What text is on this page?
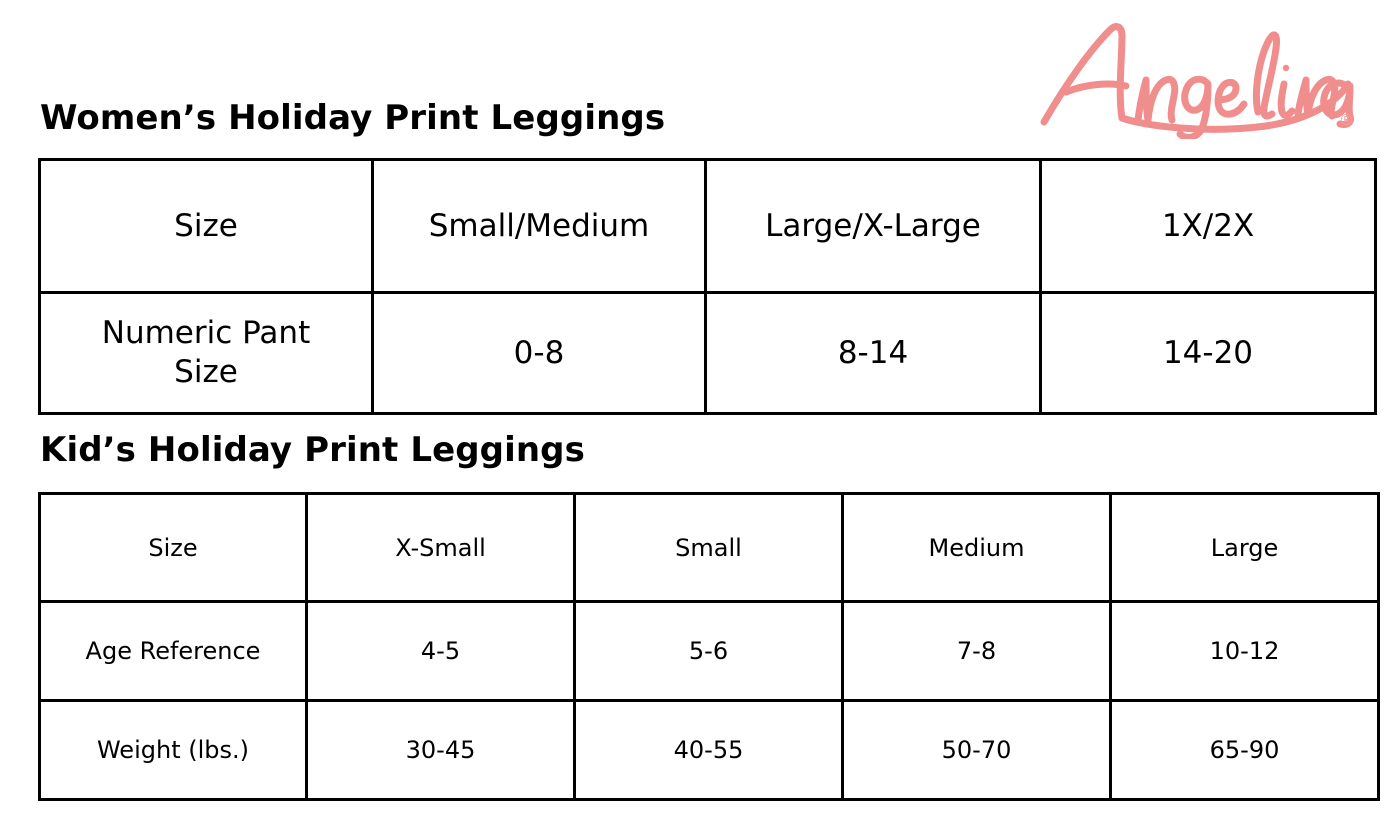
®
Women’s Holiday Print Leggings
Size	Small/Medium	Large/X-Large	1X/2X

Numeric Pant
Size	0-8	8-14	14-20
Kid’s Holiday Print Leggings
Size	X-Small	Small	Medium	Large
Age Reference	4-5	5-6	7-8	10-12
Weight (lbs.)	30-45	40-55	50-70	65-90
